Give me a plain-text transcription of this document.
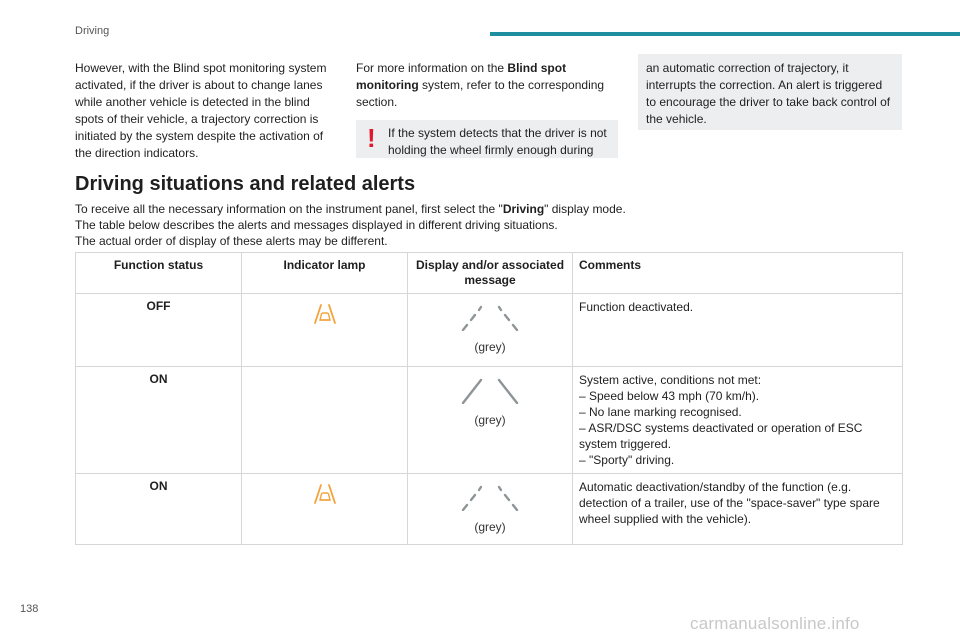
Driving

However, with the Blind spot monitoring system activated, if the driver is about to change lanes while another vehicle is detected in the blind spots of their vehicle, a trajectory correction is initiated by the system despite the activation of the direction indicators.

For more information on the Blind spot monitoring system, refer to the corresponding section.

! If the system detects that the driver is not holding the wheel firmly enough during

an automatic correction of trajectory, it interrupts the correction. An alert is triggered to encourage the driver to take back control of the vehicle.

Driving situations and related alerts

To receive all the necessary information on the instrument panel, first select the "Driving" display mode.

The table below describes the alerts and messages displayed in different driving situations.

The actual order of display of these alerts may be different.

Function status	Indicator lamp	Display and/or associated message	Comments
OFF		(grey)	Function deactivated.

ON		(grey)	System active, conditions not met:
– Speed below 43 mph (70 km/h).
– No lane marking recognised.
– ASR/DSC systems deactivated or operation of ESC system triggered.
– "Sporty" driving.

ON		(grey)	Automatic deactivation/standby of the function (e.g. detection of a trailer, use of the "space-saver" type spare wheel supplied with the vehicle).
138
carmanualsonline.info
